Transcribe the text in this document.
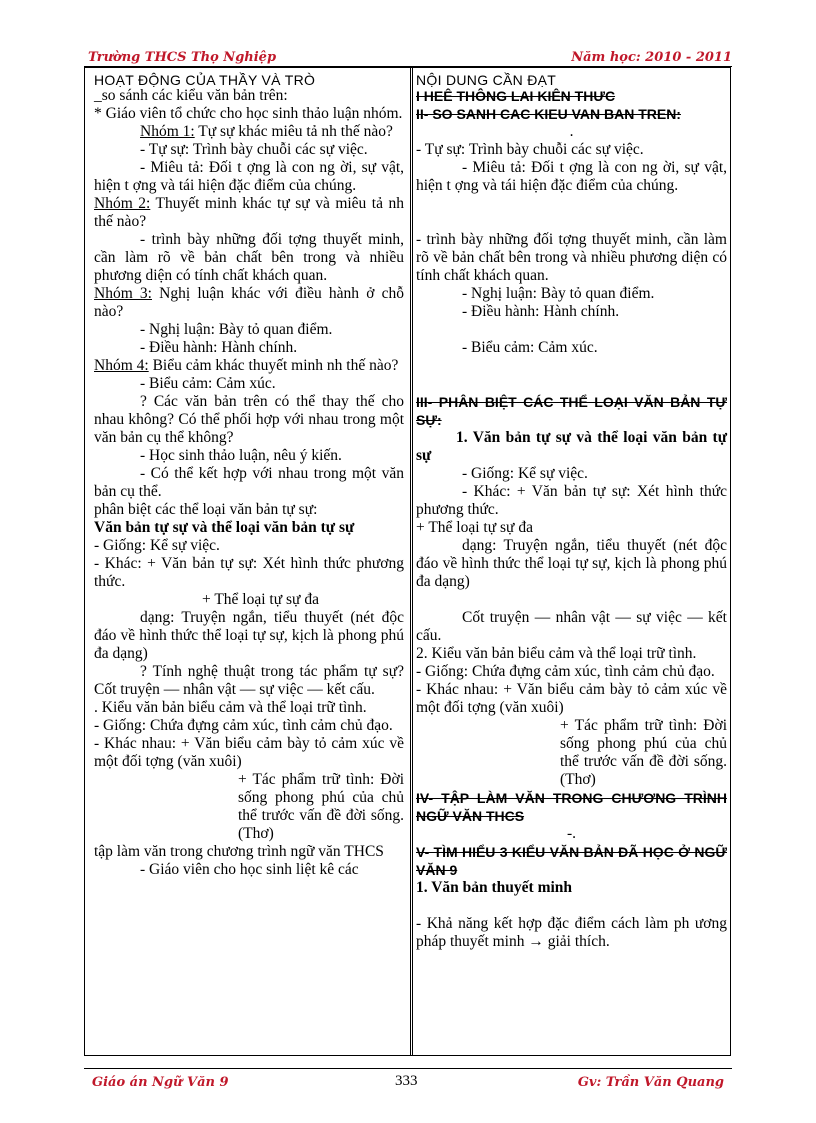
Trường THCS Thọ Nghiệp	Năm học: 2010 - 2011

HOẠT ĐỘNG CỦA THẦY VÀ TRÒ

_so sánh các kiểu văn bản trên:

* Giáo viên tổ chức cho học sinh thảo luận nhóm.

Nhóm 1: Tự sự khác miêu tả nh thế nào?

- Tự sự: Trình bày chuỗi các sự việc.

- Miêu tả: Đối t ợng là con ng ời, sự vật, hiện t ợng và tái hiện đặc điểm của chúng.

Nhóm 2: Thuyết minh khác tự sự và miêu tả nh thế nào?

- trình bày những đối tợng thuyết minh, cần làm rõ về bản chất bên trong và nhiều phương diện có tính chất khách quan.

Nhóm 3: Nghị luận khác với điều hành ở chỗ nào?

- Nghị luận: Bày tỏ quan điểm.

- Điều hành: Hành chính.

Nhóm 4: Biểu cảm khác thuyết minh nh thế nào?

- Biểu cảm: Cảm xúc.

? Các văn bản trên có thể thay thế cho nhau không? Có thể phối hợp với nhau trong một văn bản cụ thể không?

- Học sinh thảo luận, nêu ý kiến.

- Có thể kết hợp với nhau trong một văn bản cụ thể.

phân biệt các thể loại văn bản tự sự:

Văn bản tự sự và thể loại văn bản tự sự

- Giống: Kể sự việc.

- Khác: + Văn bản tự sự: Xét hình thức phương thức.

+ Thể loại tự sự đa

dạng: Truyện ngắn, tiểu thuyết (nét độc đáo về hình thức thể loại tự sự, kịch là phong phú đa dạng)

? Tính nghệ thuật trong tác phẩm tự sự? Cốt truyện — nhân vật — sự việc — kết cấu.

. Kiểu văn bản biểu cảm và thể loại trữ tình.

- Giống: Chứa đựng cảm xúc, tình cảm chủ đạo.

- Khác nhau: + Văn biểu cảm bày tỏ cảm xúc về một đối tợng (văn xuôi)

+ Tác phẩm trữ tình: Đời sống phong phú của chủ thể trước vấn đề đời sống. (Thơ)

tập làm văn trong chương trình ngữ văn THCS

- Giáo viên cho học sinh liệt kê các

NỘI DUNG CẦN ĐẠT

I HEÊ THÔNG LAI KIÊN THƯC

II- SO SANH CAC KIEU VAN BAN TREN:

.

- Tự sự: Trình bày chuỗi các sự việc.

- Miêu tả: Đối t ợng là con ng ời, sự vật, hiện t ợng và tái hiện đặc điểm của chúng.

- trình bày những đối tợng thuyết minh, cần làm rõ về bản chất bên trong và nhiều phương diện có tính chất khách quan.

- Nghị luận: Bày tỏ quan điểm.

- Điều hành: Hành chính.

- Biểu cảm: Cảm xúc.

III- PHÂN BIỆT CÁC THỂ LOẠI VĂN BẢN TỰ SỰ:

1. Văn bản tự sự và thể loại văn bản tự sự

- Giống: Kể sự việc.

- Khác: + Văn bản tự sự: Xét hình thức phương thức.

+ Thể loại tự sự đa

dạng: Truyện ngắn, tiểu thuyết (nét độc đáo về hình thức thể loại tự sự, kịch là phong phú đa dạng)

Cốt truyện — nhân vật — sự việc — kết cấu.

2. Kiểu văn bản biểu cảm và thể loại trữ tình.

- Giống: Chứa đựng cảm xúc, tình cảm chủ đạo.

- Khác nhau: + Văn biểu cảm bày tỏ cảm xúc về một đối tợng (văn xuôi)

+ Tác phẩm trữ tình: Đời sống phong phú của chủ thể trước vấn đề đời sống. (Thơ)

IV- TẬP LÀM VĂN TRONG CHƯƠNG TRÌNH NGỮ VĂN THCS

-.

V- TÌM HIỂU 3 KIỂU VĂN BẢN ĐÃ HỌC Ở NGỮ VĂN 9

1. Văn bản thuyết minh

- Khả năng kết hợp đặc điểm cách làm ph ương pháp thuyết minh → giải thích.

Giáo án Ngữ Văn 9	333	Gv: Trần Văn Quang
